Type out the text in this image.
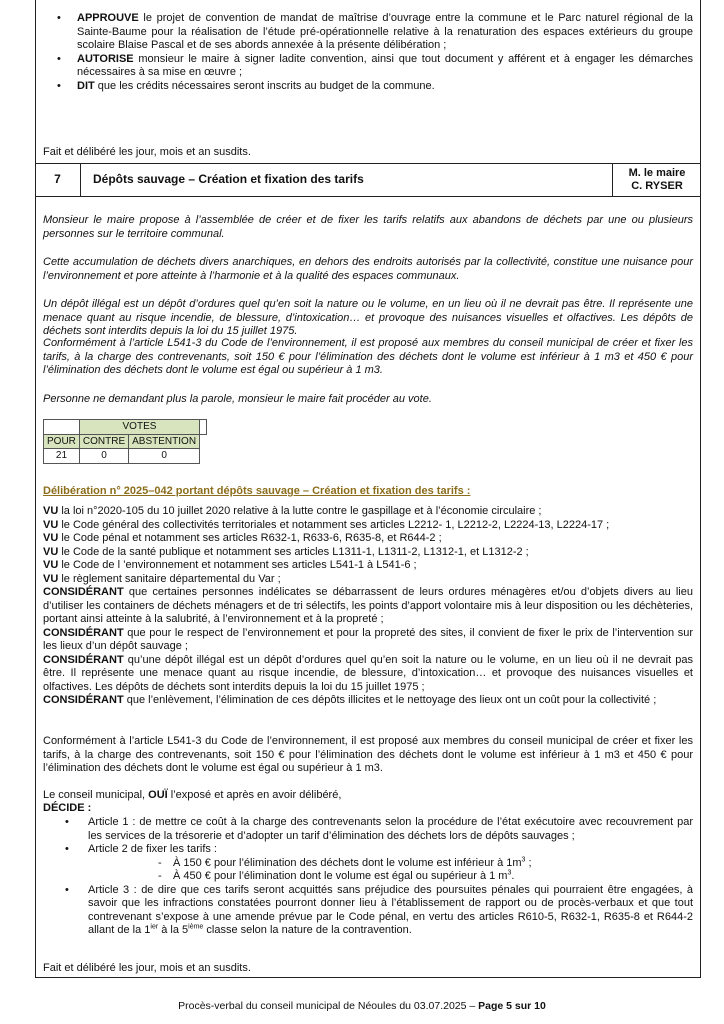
• APPROUVE le projet de convention de mandat de maîtrise d’ouvrage entre la commune et le Parc naturel régional de la Sainte-Baume pour la réalisation de l’étude pré-opérationnelle relative à la renaturation des espaces extérieurs du groupe scolaire Blaise Pascal et de ses abords annexée à la présente délibération ;
• AUTORISE monsieur le maire à signer ladite convention, ainsi que tout document y afférent et à engager les démarches nécessaires à sa mise en œuvre ;
• DIT que les crédits nécessaires seront inscrits au budget de la commune.
Fait et délibéré les jour, mois et an susdits.
7	Dépôts sauvage – Création et fixation des tarifs	M. le maire
C. RYSER
Monsieur le maire propose à l’assemblée de créer et de fixer les tarifs relatifs aux abandons de déchets par une ou plusieurs personnes sur le territoire communal.
Cette accumulation de déchets divers anarchiques, en dehors des endroits autorisés par la collectivité, constitue une nuisance pour l’environnement et pore atteinte à l’harmonie et à la qualité des espaces communaux.
Un dépôt illégal est un dépôt d’ordures quel qu’en soit la nature ou le volume, en un lieu où il ne devrait pas être. Il représente une menace quant au risque incendie, de blessure, d’intoxication… et provoque des nuisances visuelles et olfactives. Les dépôts de déchets sont interdits depuis la loi du 15 juillet 1975.
Conformément à l’article L541-3 du Code de l’environnement, il est proposé aux membres du conseil municipal de créer et fixer les tarifs, à la charge des contrevenants, soit 150 € pour l’élimination des déchets dont le volume est inférieur à 1 m3 et 450 € pour l’élimination des déchets dont le volume est égal ou supérieur à 1 m3.
Personne ne demandant plus la parole, monsieur le maire fait procéder au vote.
	VOTES		
POUR	CONTRE	ABSTENTION	
21	0	0	
Délibération n° 2025–042 portant dépôts sauvage – Création et fixation des tarifs :
VU la loi n°2020-105 du 10 juillet 2020 relative à la lutte contre le gaspillage et à l’économie circulaire ;
VU le Code général des collectivités territoriales et notamment ses articles L2212- 1, L2212-2, L2224-13, L2224-17 ;
VU le Code pénal et notamment ses articles R632-1, R633-6, R635-8, et R644-2 ;
VU le Code de la santé publique et notamment ses articles L1311-1, L1311-2, L1312-1, et L1312-2 ;
VU le Code de l ’environnement et notamment ses articles L541-1 à L541-6 ;
VU le règlement sanitaire départemental du Var ;
CONSIDÉRANT que certaines personnes indélicates se débarrassent de leurs ordures ménagères et/ou d’objets divers au lieu d’utiliser les containers de déchets ménagers et de tri sélectifs, les points d’apport volontaire mis à leur disposition ou les déchèteries, portant ainsi atteinte à la salubrité, à l’environnement et à la propreté ;
CONSIDÉRANT que pour le respect de l’environnement et pour la propreté des sites, il convient de fixer le prix de l’intervention sur les lieux d’un dépôt sauvage ;
CONSIDÉRANT qu’une dépôt illégal est un dépôt d’ordures quel qu’en soit la nature ou le volume, en un lieu où il ne devrait pas être. Il représente une menace quant au risque incendie, de blessure, d’intoxication… et provoque des nuisances visuelles et olfactives. Les dépôts de déchets sont interdits depuis la loi du 15 juillet 1975 ;
CONSIDÉRANT que l’enlèvement, l’élimination de ces dépôts illicites et le nettoyage des lieux ont un coût pour la collectivité ;
Conformément à l’article L541-3 du Code de l’environnement, il est proposé aux membres du conseil municipal de créer et fixer les tarifs, à la charge des contrevenants, soit 150 € pour l’élimination des déchets dont le volume est inférieur à 1 m3 et 450 € pour l’élimination des déchets dont le volume est égal ou supérieur à 1 m3.
Le conseil municipal, OUÏ l’exposé et après en avoir délibéré,
DÉCIDE :
• Article 1 : de mettre ce coût à la charge des contrevenants selon la procédure de l’état exécutoire avec recouvrement par les services de la trésorerie et d’adopter un tarif d’élimination des déchets lors de dépôts sauvages ;
• Article 2 de fixer les tarifs :
- À 150 € pour l’élimination des déchets dont le volume est inférieur à $1m^3$ ;
- À 450 € pour l’élimination dont le volume est égal ou supérieur à 1 $m^3$.
• Article 3 : de dire que ces tarifs seront acquittés sans préjudice des poursuites pénales qui pourraient être engagées, à savoir que les infractions constatées pourront donner lieu à l’établissement de rapport ou de procès-verbaux et que tout contrevenant s’expose à une amende prévue par le Code pénal, en vertu des articles R610-5, R632-1, R635-8 et R644-2 allant de la $1^{ier}$ à la 5ième classe selon la nature de la contravention.
Fait et délibéré les jour, mois et an susdits.
Procès-verbal du conseil municipal de Néoules du 03.07.2025 – Page 5 sur 10
